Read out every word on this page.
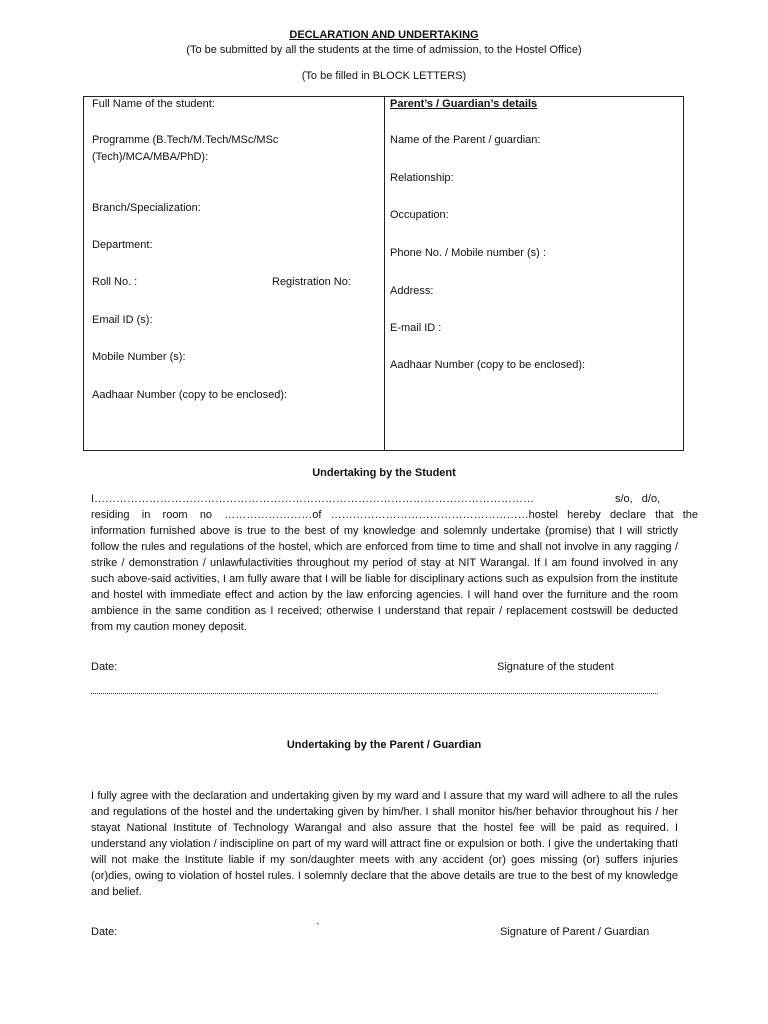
DECLARATION AND UNDERTAKING
(To be submitted by all the students at the time of admission, to the Hostel Office)
(To be filled in BLOCK LETTERS)
Full Name of the student:
Programme (B.Tech/M.Tech/MSc/MSc
(Tech)/MCA/MBA/PhD):
Branch/Specialization:
Department:
Roll No. :	Registration No:
Email ID (s):
Mobile Number (s):
Aadhaar Number (copy to be enclosed):
Parent’s / Guardian’s details
Name of the Parent / guardian:
Relationship:
Occupation:
Phone No. / Mobile number (s) :
Address:
E-mail ID :
Aadhaar Number (copy to be enclosed):
Undertaking by the Student
I…………………………………………………………………………………………………………	s/o, d/o,
residing    in    room    no    ……………………of   ………………………………………………hostel   hereby   declare   that   the
information furnished above is true to the best of my knowledge and solemnly undertake (promise) that I will strictly follow the rules and regulations of the hostel, which are enforced from time to time and shall not involve in any ragging / strike / demonstration / unlawfulactivities throughout my period of stay at NIT Warangal. If I am found involved in any such above-said activities, I am fully aware that I will be liable for disciplinary actions such as expulsion from the institute and hostel with immediate effect and action by the law enforcing agencies. I will hand over the furniture and the room ambience in the same condition as I received; otherwise I understand that repair / replacement costswill be deducted from my caution money deposit.
Date:	Signature of the student
Undertaking by the Parent / Guardian
I fully agree with the declaration and undertaking given by my ward and I assure that my ward will adhere to all the rules and regulations of the hostel and the undertaking given by him/her. I shall monitor his/her behavior throughout his / her stayat National Institute of Technology Warangal and also assure that the hostel fee will be paid as required. I understand any violation / indiscipline on part of my ward will attract fine or expulsion or both. I give the undertaking thatI will not make the Institute liable if my son/daughter meets with any accident (or) goes missing (or) suffers injuries (or)dies, owing to violation of hostel rules. I solemnly declare that the above details are true to the best of my knowledge and belief.
Date:	`	Signature of Parent / Guardian
